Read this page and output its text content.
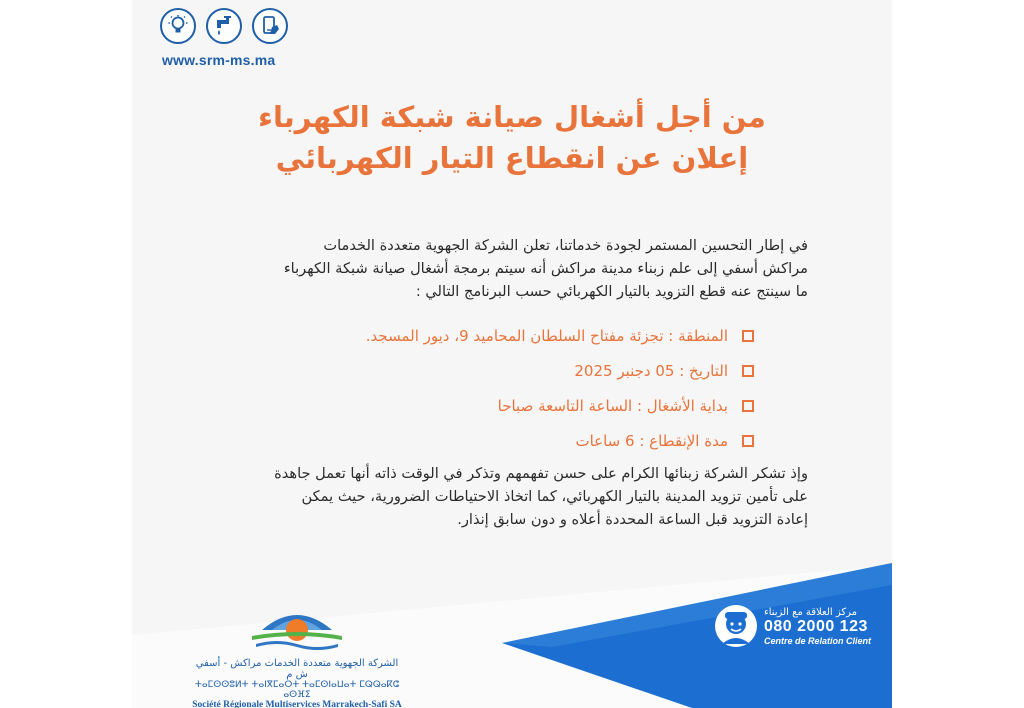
www.srm-ms.ma
من أجل أشغال صيانة شبكة الكهرباء
إعلان عن انقطاع التيار الكهربائي
في إطار التحسين المستمر لجودة خدماتنا، تعلن الشركة الجهوية متعددة الخدمات مراكش أسفي إلى علم زبناء مدينة مراكش أنه سيتم برمجة أشغال صيانة شبكة الكهرباء ما سينتج عنه قطع التزويد بالتيار الكهربائي حسب البرنامج التالي :
المنطقة : تجزئة مفتاح السلطان المحاميد 9، ديور المسجد.
التاريخ : 05 دجنبر 2025
بداية الأشغال : الساعة التاسعة صباحا
مدة الإنقطاع : 6 ساعات
وإذ تشكر الشركة زبنائها الكرام على حسن تفهمهم وتذكر في الوقت ذاته أنها تعمل جاهدة على تأمين تزويد المدينة بالتيار الكهربائي، كما اتخاذ الاحتياطات الضرورية، حيث يمكن إعادة التزويد قبل الساعة المحددة أعلاه و دون سابق إنذار.
الشركة الجهوية متعددة الخدمات مراكش - أسفي ش م
ⵜⴰⵎⵙⵙⵓⵍⵜ ⵜⴰⵏⴳⵎⴰⵔⵜ ⵜⴰⵎⵙⵏⴰⵡⴰⵜ ⵎⵕⵕⴰⴽⵛ ⴰⵙⴼⵉ
Société Régionale Multiservices Marrakech-Safi SA
مركز العلاقة مع الزبناء
080 2000 123
Centre de Relation Client
